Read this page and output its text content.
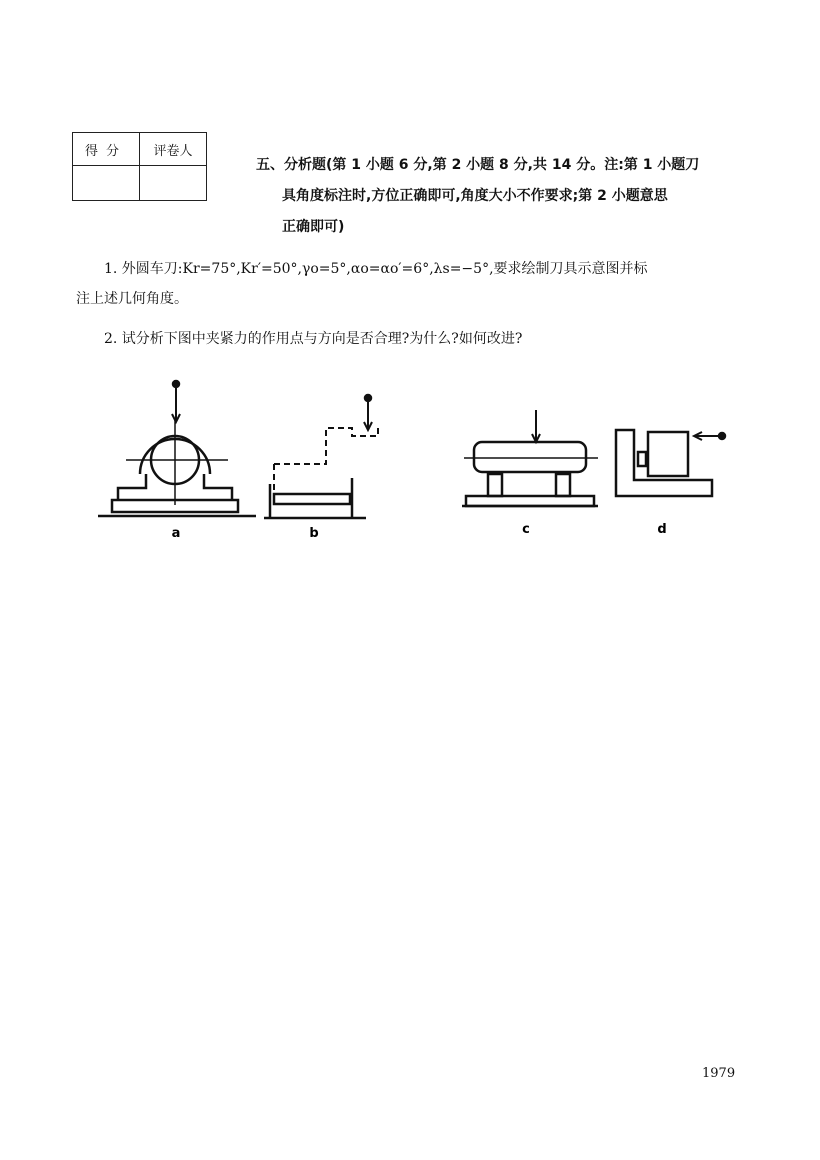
得分	评卷人

五、分析题(第 1 小题 6 分,第 2 小题 8 分,共 14 分。注:第 1 小题刀
具角度标注时,方位正确即可,角度大小不作要求;第 2 小题意思
正确即可)
1. 外圆车刀:Kr=75°,Kr′=50°,γo=5°,αo=αo′=6°,λs=−5°,要求绘制刀具示意图并标
注上述几何角度。
2. 试分析下图中夹紧力的作用点与方向是否合理?为什么?如何改进?
a	b	c	d
1979
